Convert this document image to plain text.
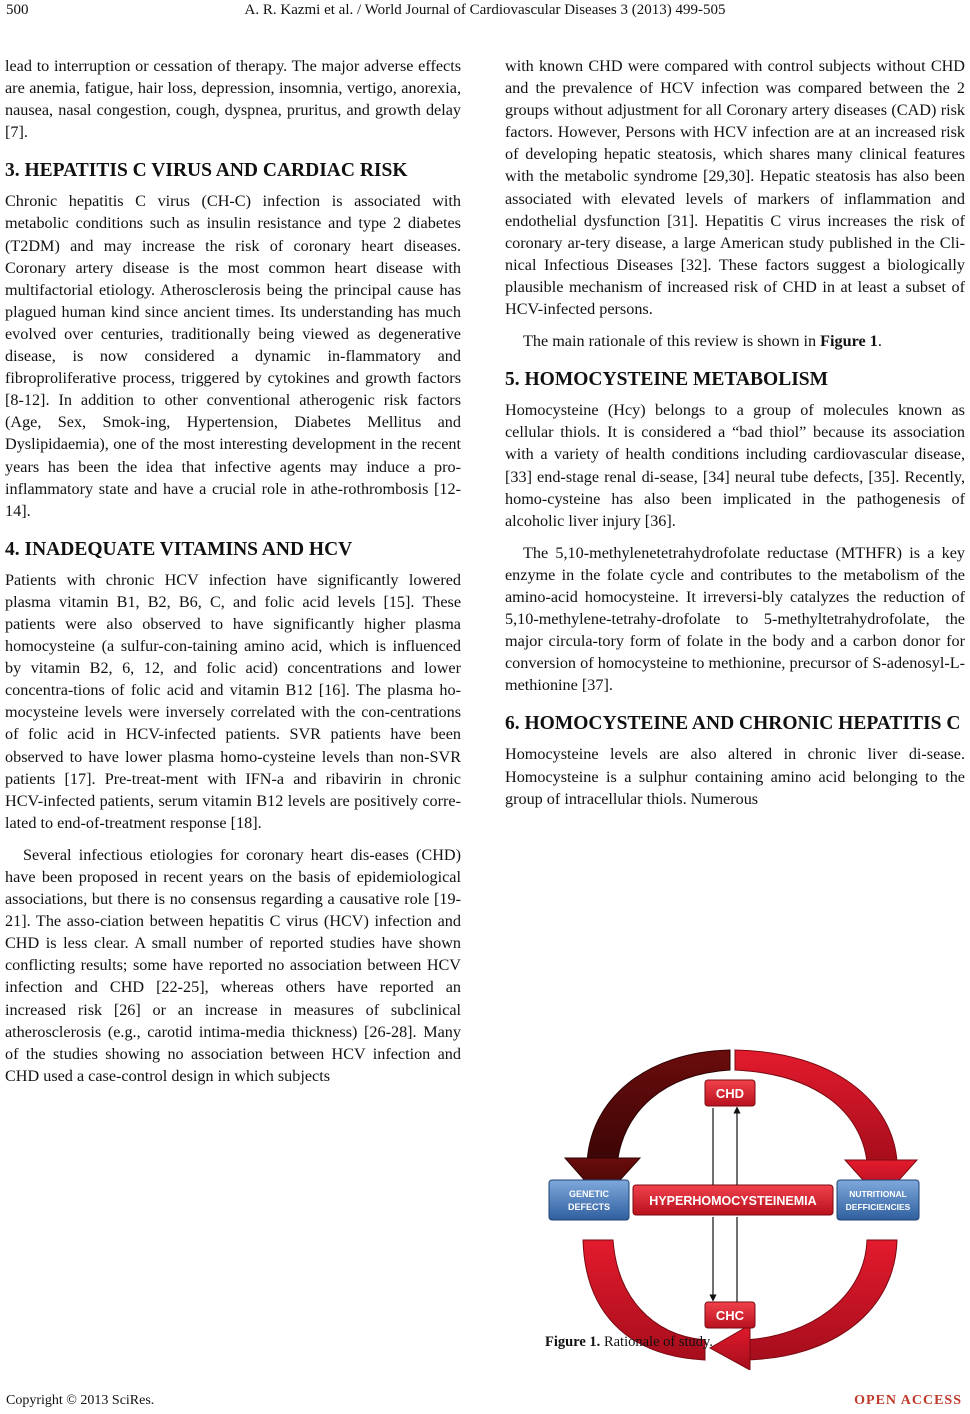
500	A. R. Kazmi et al. / World Journal of Cardiovascular Diseases 3 (2013) 499-505

lead to interruption or cessation of therapy. The major adverse effects are anemia, fatigue, hair loss, depression, insomnia, vertigo, anorexia, nausea, nasal congestion, cough, dyspnea, pruritus, and growth delay [7].

3. HEPATITIS C VIRUS AND CARDIAC RISK

Chronic hepatitis C virus (CH-C) infection is associated with metabolic conditions such as insulin resistance and type 2 diabetes (T2DM) and may increase the risk of coronary heart diseases. Coronary artery disease is the most common heart disease with multifactorial etiology. Atherosclerosis being the principal cause has plagued human kind since ancient times. Its understanding has much evolved over centuries, traditionally being viewed as degenerative disease, is now considered a dynamic in-flammatory and fibroproliferative process, triggered by cytokines and growth factors [8-12]. In addition to other conventional atherogenic risk factors (Age, Sex, Smok-ing, Hypertension, Diabetes Mellitus and Dyslipidaemia), one of the most interesting development in the recent years has been the idea that infective agents may induce a pro-inflammatory state and have a crucial role in athe-rothrombosis [12-14].

4. INADEQUATE VITAMINS AND HCV

Patients with chronic HCV infection have significantly lowered plasma vitamin B1, B2, B6, C, and folic acid levels [15]. These patients were also observed to have significantly higher plasma homocysteine (a sulfur-con-taining amino acid, which is influenced by vitamin B2, 6, 12, and folic acid) concentrations and lower concentra-tions of folic acid and vitamin B12 [16]. The plasma ho-mocysteine levels were inversely correlated with the con-centrations of folic acid in HCV-infected patients. SVR patients have been observed to have lower plasma homo-cysteine levels than non-SVR patients [17]. Pre-treat-ment with IFN-a and ribavirin in chronic HCV-infected patients, serum vitamin B12 levels are positively corre-lated to end-of-treatment response [18].

Several infectious etiologies for coronary heart dis-eases (CHD) have been proposed in recent years on the basis of epidemiological associations, but there is no consensus regarding a causative role [19-21]. The asso-ciation between hepatitis C virus (HCV) infection and CHD is less clear. A small number of reported studies have shown conflicting results; some have reported no association between HCV infection and CHD [22-25], whereas others have reported an increased risk [26] or an increase in measures of subclinical atherosclerosis (e.g., carotid intima-media thickness) [26-28]. Many of the studies showing no association between HCV infection and CHD used a case-control design in which subjects

with known CHD were compared with control subjects without CHD and the prevalence of HCV infection was compared between the 2 groups without adjustment for all Coronary artery diseases (CAD) risk factors. However, Persons with HCV infection are at an increased risk of developing hepatic steatosis, which shares many clinical features with the metabolic syndrome [29,30]. Hepatic steatosis has also been associated with elevated levels of markers of inflammation and endothelial dysfunction [31]. Hepatitis C virus increases the risk of coronary ar-tery disease, a large American study published in the Cli-nical Infectious Diseases [32]. These factors suggest a biologically plausible mechanism of increased risk of CHD in at least a subset of HCV-infected persons.

The main rationale of this review is shown in Figure 1.

5. HOMOCYSTEINE METABOLISM

Homocysteine (Hcy) belongs to a group of molecules known as cellular thiols. It is considered a “bad thiol” because its association with a variety of health conditions including cardiovascular disease, [33] end-stage renal di-sease, [34] neural tube defects, [35]. Recently, homo-cysteine has also been implicated in the pathogenesis of alcoholic liver injury [36].

The 5,10-methylenetetrahydrofolate reductase (MTHFR) is a key enzyme in the folate cycle and contributes to the metabolism of the amino-acid homocysteine. It irreversi-bly catalyzes the reduction of 5,10-methylene-tetrahy-drofolate to 5-methyltetrahydrofolate, the major circula-tory form of folate in the body and a carbon donor for conversion of homocysteine to methionine, precursor of S-adenosyl-L-methionine [37].

6. HOMOCYSTEINE AND CHRONIC HEPATITIS C

Homocysteine levels are also altered in chronic liver di-sease. Homocysteine is a sulphur containing amino acid belonging to the group of intracellular thiols. Numerous

CHD
HYPERHOMOCYSTEINEMIA
GENETIC
DEFECTS
NUTRITIONAL
DEFFICIENCIES
CHC
Figure 1. Rationale of study.
Copyright © 2013 SciRes.	OPEN ACCESS
